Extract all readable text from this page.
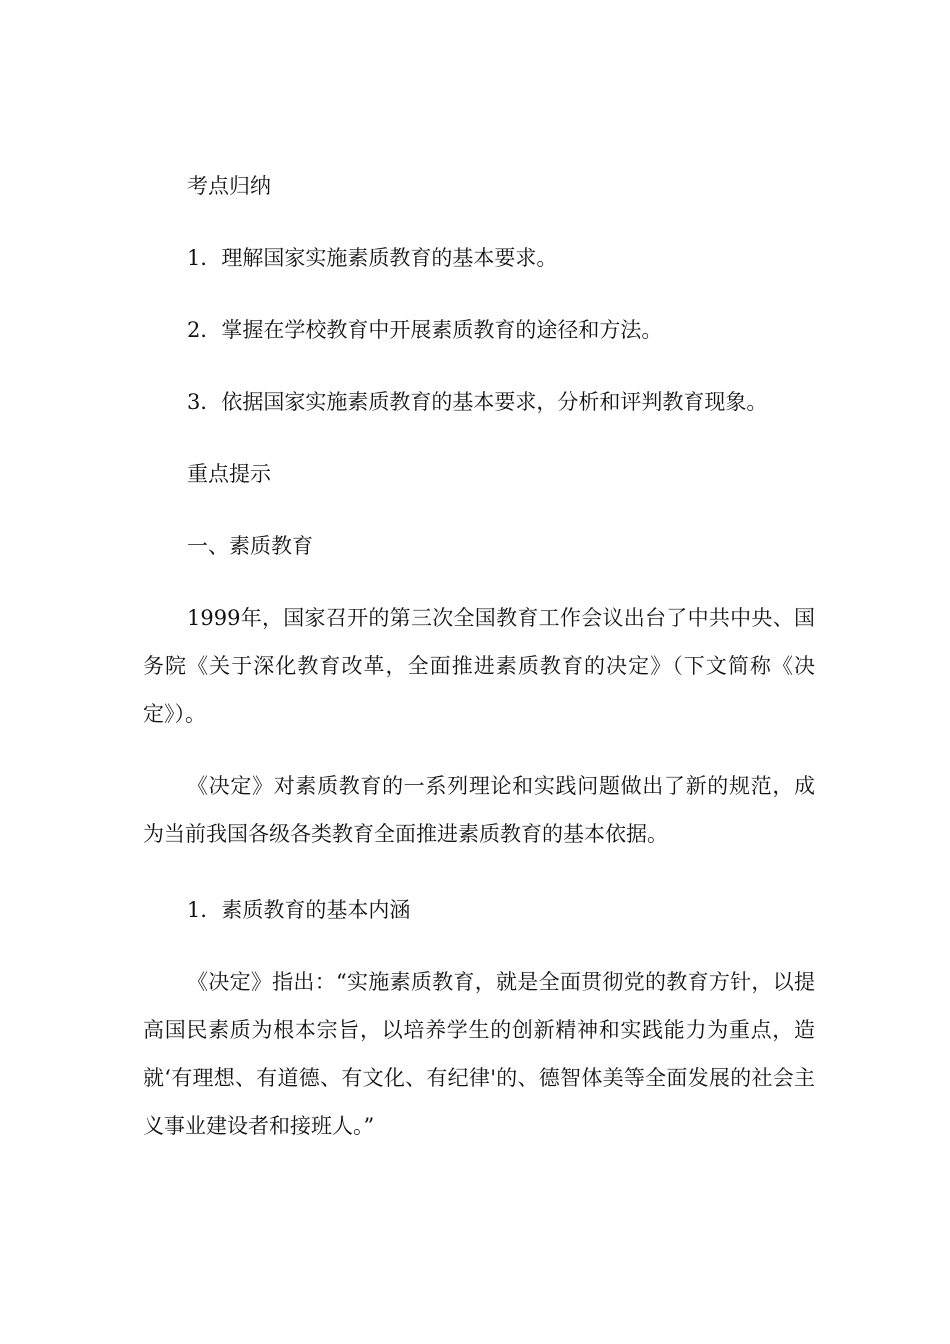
考点归纳

1．理解国家实施素质教育的基本要求。

2．掌握在学校教育中开展素质教育的途径和方法。

3．依据国家实施素质教育的基本要求，分析和评判教育现象。

重点提示

一、素质教育

1999年，国家召开的第三次全国教育工作会议出台了中共中央、国务院《关于深化教育改革，全面推进素质教育的决定》（下文简称《决定》）。

《决定》对素质教育的一系列理论和实践问题做出了新的规范，成为当前我国各级各类教育全面推进素质教育的基本依据。

1．素质教育的基本内涵

《决定》指出：“实施素质教育，就是全面贯彻党的教育方针，以提高国民素质为根本宗旨，以培养学生的创新精神和实践能力为重点，造就‘有理想、有道德、有文化、有纪律'的、德智体美等全面发展的社会主义事业建设者和接班人。”
